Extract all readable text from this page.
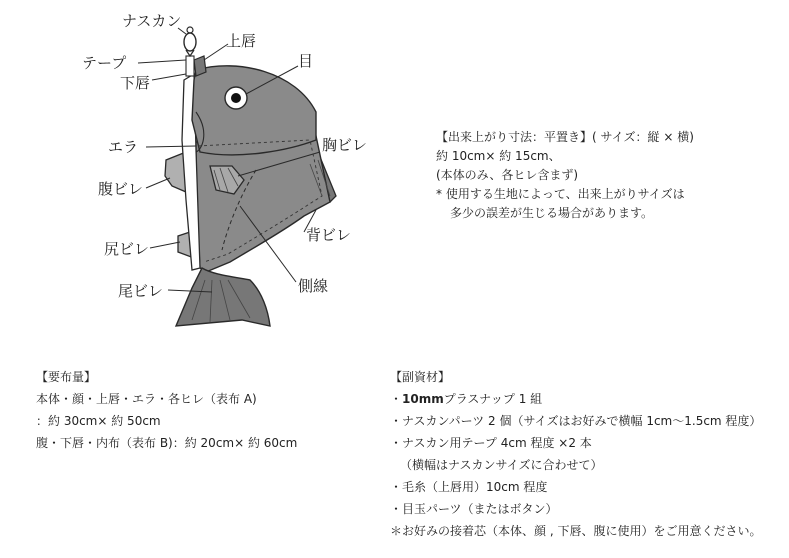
ナスカン
テープ
下唇
上唇
目
エラ	胸ビレ
腹ビレ
背ビレ
尻ビレ
側線
尾ビレ
【出来上がり寸法：平置き】( サイズ：縦 × 横)
約 10cm× 約 15cm、
(本体のみ、各ヒレ含まず)
* 使用する生地によって、出来上がりサイズは
多少の誤差が生じる場合があります。
【要布量】
本体・顔・上唇・エラ・各ヒレ（表布 A)
：約 30cm× 約 50cm
腹・下唇・内布（表布 B)：約 20cm× 約 60cm
【副資材】
・10mmプラスナップ 1 組
・ナスカンパーツ 2 個（サイズはお好みで横幅 1cm～1.5cm 程度）
・ナスカン用テープ 4cm 程度 ×2 本
（横幅はナスカンサイズに合わせて）
・毛糸（上唇用）10cm 程度
・目玉パーツ（またはボタン）
＊お好みの接着芯（本体、顔 , 下唇、腹に使用）をご用意ください。
